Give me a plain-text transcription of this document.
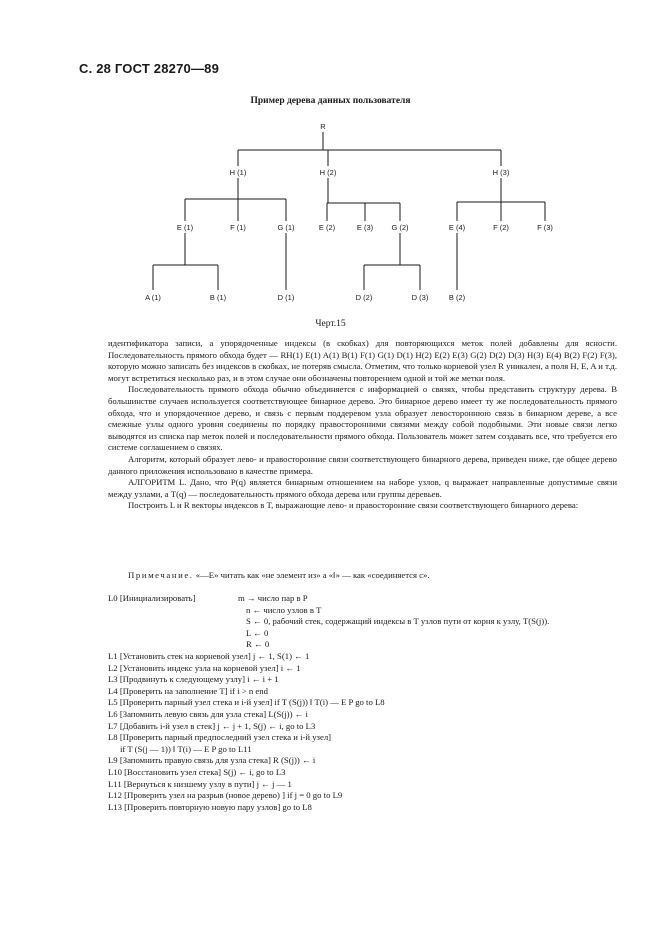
С. 28 ГОСТ 28270—89
Пример дерева данных пользователя
R
H (1)	H (2)	H (3)
E (1)	F (1)	G (1)	E (2)	E (3) G (2)	E (4)	F (2)	F (3)
A (1)	B (1)	D (1)	D (2)	D (3)	B (2)
Черт.15

идентификатора записи, а упорядоченные индексы (в скобках) для повторяющихся меток полей добавлены для ясности. Последовательность прямого обхода будет — RH(1) E(1) A(1) B(1) F(1) G(1) D(1) H(2) E(2) E(3) G(2) D(2) D(3) H(3) E(4) B(2) F(2) F(3), которую можно записать без индексов в скобках, не потеряв смысла. Отметим, что только корневой узел R уникален, а поля H, E, A и т.д. могут встретиться несколько раз, и в этом случае они обозначены повторением одной и той же метки поля.

Последовательность прямого обхода обычно объединяется с информацией о связях, чтобы представить структуру дерева. В большинстве случаев используется соответствующее бинарное дерево. Это бинарное дерево имеет ту же последовательность прямого обхода, что и упорядоченное дерево, и связь с первым поддеревом узла образует левостороннюю связь в бинарном дереве, а все смежные узлы одного уровня соединены по порядку правосторонними связями между собой подобными. Эти новые связи легко выводятся из списка пар меток полей и последовательности прямого обхода. Пользователь может затем создавать все, что требуется его системе соглашением о связях.

Алгоритм, который образует лево- и правосторонние связи соответствующего бинарного дерева, приведен ниже, где общее дерево данного приложения использовано в качестве примера.

АЛГОРИТМ L. Дано, что P(q) является бинарным отношением на наборе узлов, q выражает направленные допустимые связи между узлами, а T(q) — последовательность прямого обхода дерева или группы деревьев.

Построить L и R векторы индексов в T, выражающие лево- и правосторонние связи соответствующего бинарного дерева:

Примечание. «—E» читать как «не элемент из» а «‖» — как «соединяется с».
L0 [Инициализировать]	m → число пар в P
n ← число узлов в T
S ← 0, рабочий стек, содержащий индексы в T узлов пути от корня к узлу, T(S(j)).
L ← 0
R ← 0
L1 [Установить стек на корневой узел] j ← 1, S(1) ← 1
L2 [Установить индекс узла на корневой узел] i ← 1
L3 [Продвинуть к следующему узлу] i ← i + 1
L4 [Проверить на заполнение T] if i > n end
L5 [Проверить парный узел стека и i-й узел] if T (S(j)) ‖ T(i) — E P go to L8
L6 [Запомнить левую связь для узла стека] L(S(j)) ← i
L7 [Добавить i-й узел в стек] j ← j + 1, S(j) ← i, go to L3
L8 [Проверить парный предпоследний узел стека и i-й узел]
if T (S(j — 1)) ‖ T(i) — E P go to L11
L9 [Запомнить правую связь для узла стека] R (S(j)) ← i
L10 [Восстановить узел стека] S(j) ← i, go to L3
L11 [Вернуться к низшему узлу в пути] j ← j — 1
L12 [Проверить узел на разрыв (новое дерево) ] if j = 0 go to L9
L13 [Проверить повторную новую пару узлов] go to L8
